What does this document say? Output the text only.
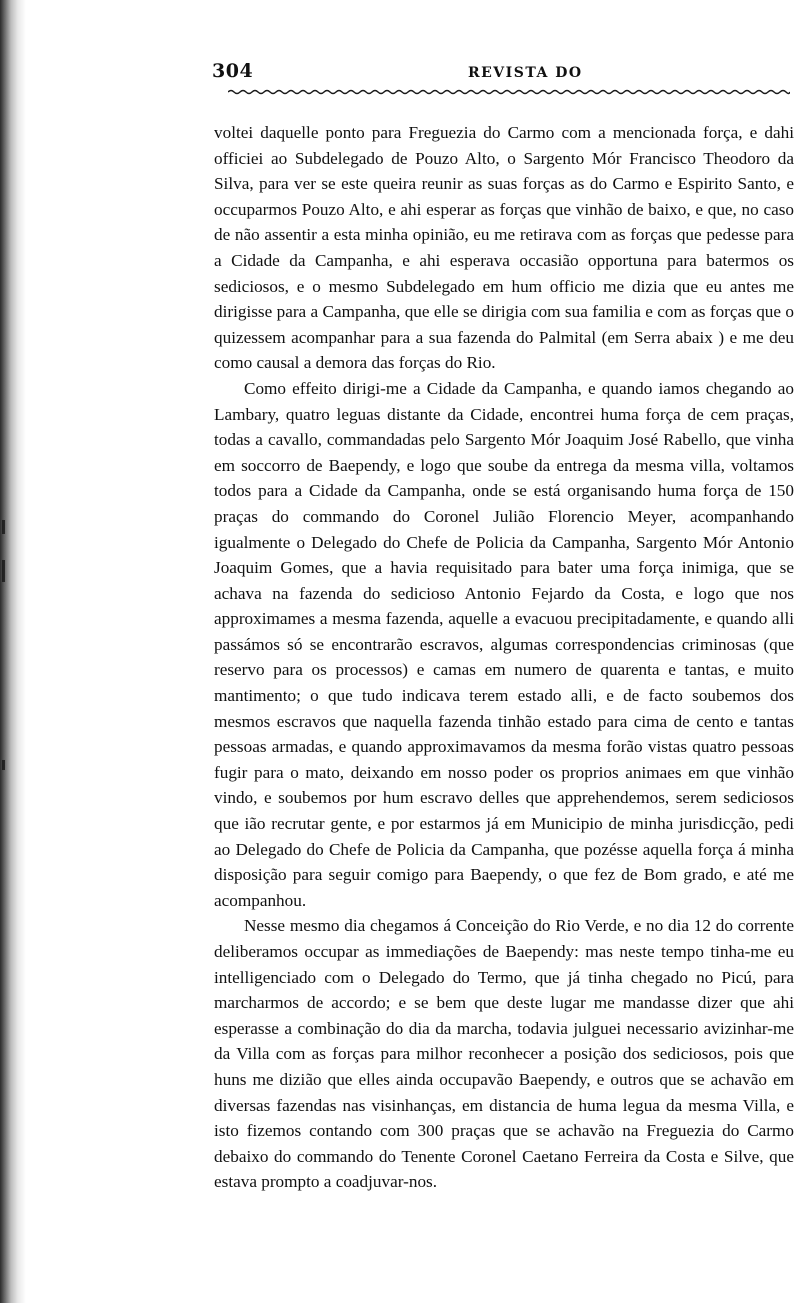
304	REVISTA DO

voltei daquelle ponto para Freguezia do Carmo com a mencionada força, e dahi officiei ao Subdelegado de Pouzo Alto, o Sargento Mór Francisco Theodoro da Silva, para ver se este queira reunir as suas forças as do Carmo e Espirito Santo, e occuparmos Pouzo Alto, e ahi esperar as forças que vinhão de baixo, e que, no caso de não assentir a esta minha opinião, eu me retirava com as forças que pedesse para a Cidade da Campanha, e ahi esperava occasião opportuna para batermos os sediciosos, e o mesmo Subdelegado em hum officio me dizia que eu antes me dirigisse para a Campanha, que elle se dirigia com sua familia e com as forças que o quizessem acompanhar para a sua fazenda do Palmital (em Serra abaix ) e me deu como causal a demora das forças do Rio.

Como effeito dirigi-me a Cidade da Campanha, e quando iamos chegando ao Lambary, quatro leguas distante da Cidade, encontrei huma força de cem praças, todas a cavallo, commandadas pelo Sargento Mór Joaquim José Rabello, que vinha em soccorro de Baependy, e logo que soube da entrega da mesma villa, voltamos todos para a Cidade da Campanha, onde se está organisando huma força de 150 praças do commando do Coronel Julião Florencio Meyer, acompanhando igualmente o Delegado do Chefe de Policia da Campanha, Sargento Mór Antonio Joaquim Gomes, que a havia requisitado para bater uma força inimiga, que se achava na fazenda do sedicioso Antonio Fejardo da Costa, e logo que nos approximames a mesma fazenda, aquelle a evacuou precipitadamente, e quando alli passámos só se encontrarão escravos, algumas correspondencias criminosas (que reservo para os processos) e camas em numero de quarenta e tantas, e muito mantimento; o que tudo indicava terem estado alli, e de facto soubemos dos mesmos escravos que naquella fazenda tinhão estado para cima de cento e tantas pessoas armadas, e quando approximavamos da mesma forão vistas quatro pessoas fugir para o mato, deixando em nosso poder os proprios animaes em que vinhão vindo, e soubemos por hum escravo delles que apprehendemos, serem sediciosos que ião recrutar gente, e por estarmos já em Municipio de minha jurisdicção, pedi ao Delegado do Chefe de Policia da Campanha, que pozésse aquella força á minha disposição para seguir comigo para Baependy, o que fez de Bom grado, e até me acompanhou.

Nesse mesmo dia chegamos á Conceição do Rio Verde, e no dia 12 do corrente deliberamos occupar as immediações de Baependy: mas neste tempo tinha-me eu intelligenciado com o Delegado do Termo, que já tinha chegado no Picú, para marcharmos de accordo; e se bem que deste lugar me mandasse dizer que ahi esperasse a combinação do dia da marcha, todavia julguei necessario avizinhar-me da Villa com as forças para milhor reconhecer a posição dos sediciosos, pois que huns me dizião que elles ainda occupavão Baependy, e outros que se achavão em diversas fazendas nas visinhanças, em distancia de huma legua da mesma Villa, e isto fizemos contando com 300 praças que se achavão na Freguezia do Carmo debaixo do commando do Tenente Coronel Caetano Ferreira da Costa e Silve, que estava prompto a coadjuvar-nos.
